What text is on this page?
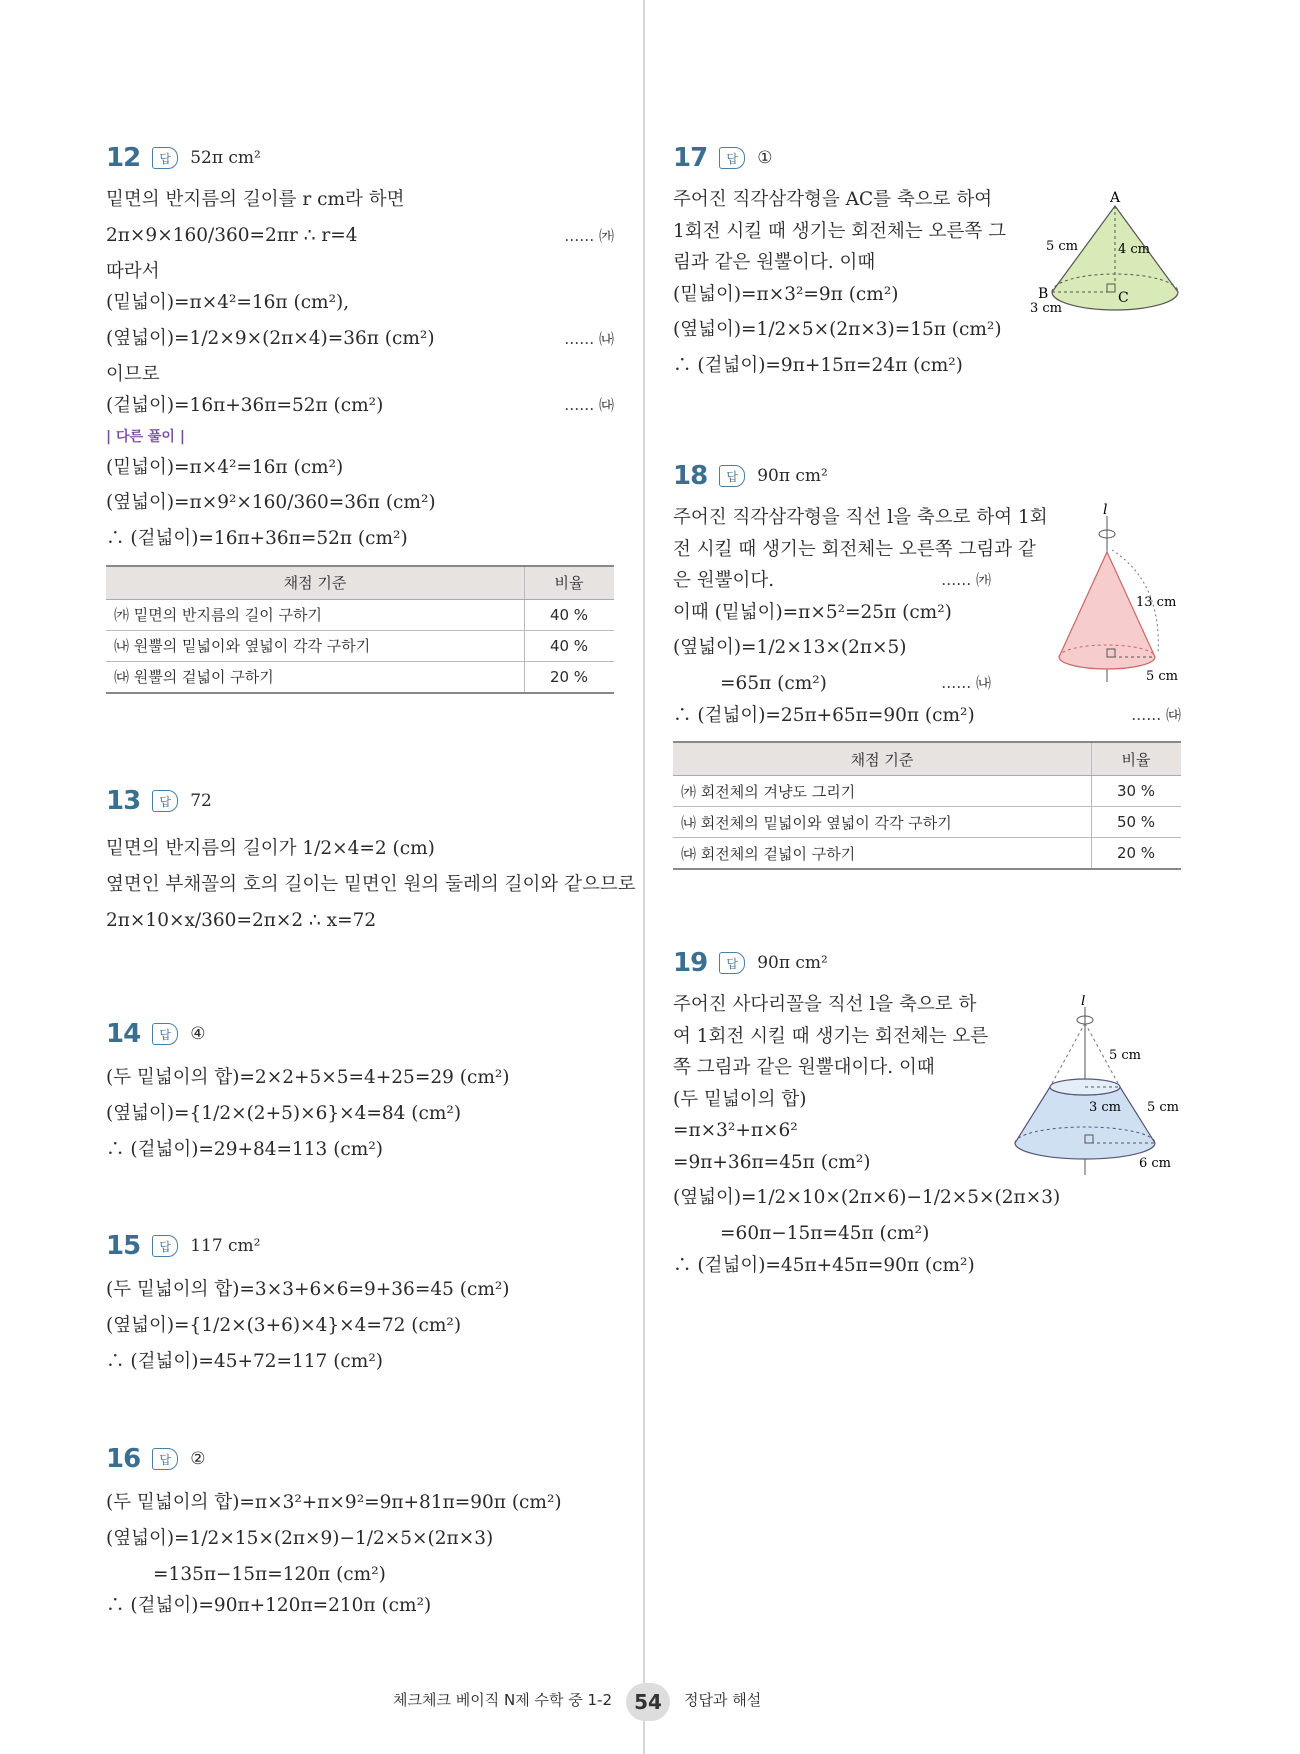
12	답	52π cm²
밑면의 반지름의 길이를 r cm라 하면
2π×9×160/360=2πr ∴ r=4	…… ㈎
따라서
(밑넓이)=π×4²=16π (cm²),
(옆넓이)=1/2×9×(2π×4)=36π (cm²)	…… ㈏
이므로
(겉넓이)=16π+36π=52π (cm²)	…… ㈐
| 다른 풀이 |
(밑넓이)=π×4²=16π (cm²)
(옆넓이)=π×9²×160/360=36π (cm²)
∴ (겉넓이)=16π+36π=52π (cm²)
채점 기준	비율
㈎ 밑면의 반지름의 길이 구하기	40 %
㈏ 원뿔의 밑넓이와 옆넓이 각각 구하기	40 %
㈐ 원뿔의 겉넓이 구하기	20 %
13	답	72
밑면의 반지름의 길이가 1/2×4=2 (cm)
옆면인 부채꼴의 호의 길이는 밑면인 원의 둘레의 길이와 같으므로
2π×10×x/360=2π×2 ∴ x=72
14	답	④
(두 밑넓이의 합)=2×2+5×5=4+25=29 (cm²)
(옆넓이)={1/2×(2+5)×6}×4=84 (cm²)
∴ (겉넓이)=29+84=113 (cm²)
15	답	117 cm²
(두 밑넓이의 합)=3×3+6×6=9+36=45 (cm²)
(옆넓이)={1/2×(3+6)×4}×4=72 (cm²)
∴ (겉넓이)=45+72=117 (cm²)
16	답	②
(두 밑넓이의 합)=π×3²+π×9²=9π+81π=90π (cm²)
(옆넓이)=1/2×15×(2π×9)−1/2×5×(2π×3)
=135π−15π=120π (cm²)
∴ (겉넓이)=90π+120π=210π (cm²)
17	답	①
주어진 직각삼각형을 AC를 축으로 하여
1회전 시킬 때 생기는 회전체는 오른쪽 그
림과 같은 원뿔이다. 이때
(밑넓이)=π×3²=9π (cm²)
(옆넓이)=1/2×5×(2π×3)=15π (cm²)
∴ (겉넓이)=9π+15π=24π (cm²)
A
B	C
5 cm	4 cm
3 cm
18	답	90π cm²
주어진 직각삼각형을 직선 l을 축으로 하여 1회
전 시킬 때 생기는 회전체는 오른쪽 그림과 같
은 원뿔이다.	…… ㈎
이때 (밑넓이)=π×5²=25π (cm²)
(옆넓이)=1/2×13×(2π×5)
=65π (cm²)	…… ㈏
∴ (겉넓이)=25π+65π=90π (cm²)	…… ㈐
채점 기준	비율
㈎ 회전체의 겨냥도 그리기	30 %
㈏ 회전체의 밑넓이와 옆넓이 각각 구하기	50 %
㈐ 회전체의 겉넓이 구하기	20 %
l
13 cm
5 cm
19	답	90π cm²
주어진 사다리꼴을 직선 l을 축으로 하
여 1회전 시킬 때 생기는 회전체는 오른
쪽 그림과 같은 원뿔대이다. 이때
(두 밑넓이의 합)
=π×3²+π×6²
=9π+36π=45π (cm²)
(옆넓이)=1/2×10×(2π×6)−1/2×5×(2π×3)
=60π−15π=45π (cm²)
∴ (겉넓이)=45π+45π=90π (cm²)
l
5 cm
3 cm 5 cm
6 cm
체크체크 베이직 N제 수학 중 1-2	54	정답과 해설
